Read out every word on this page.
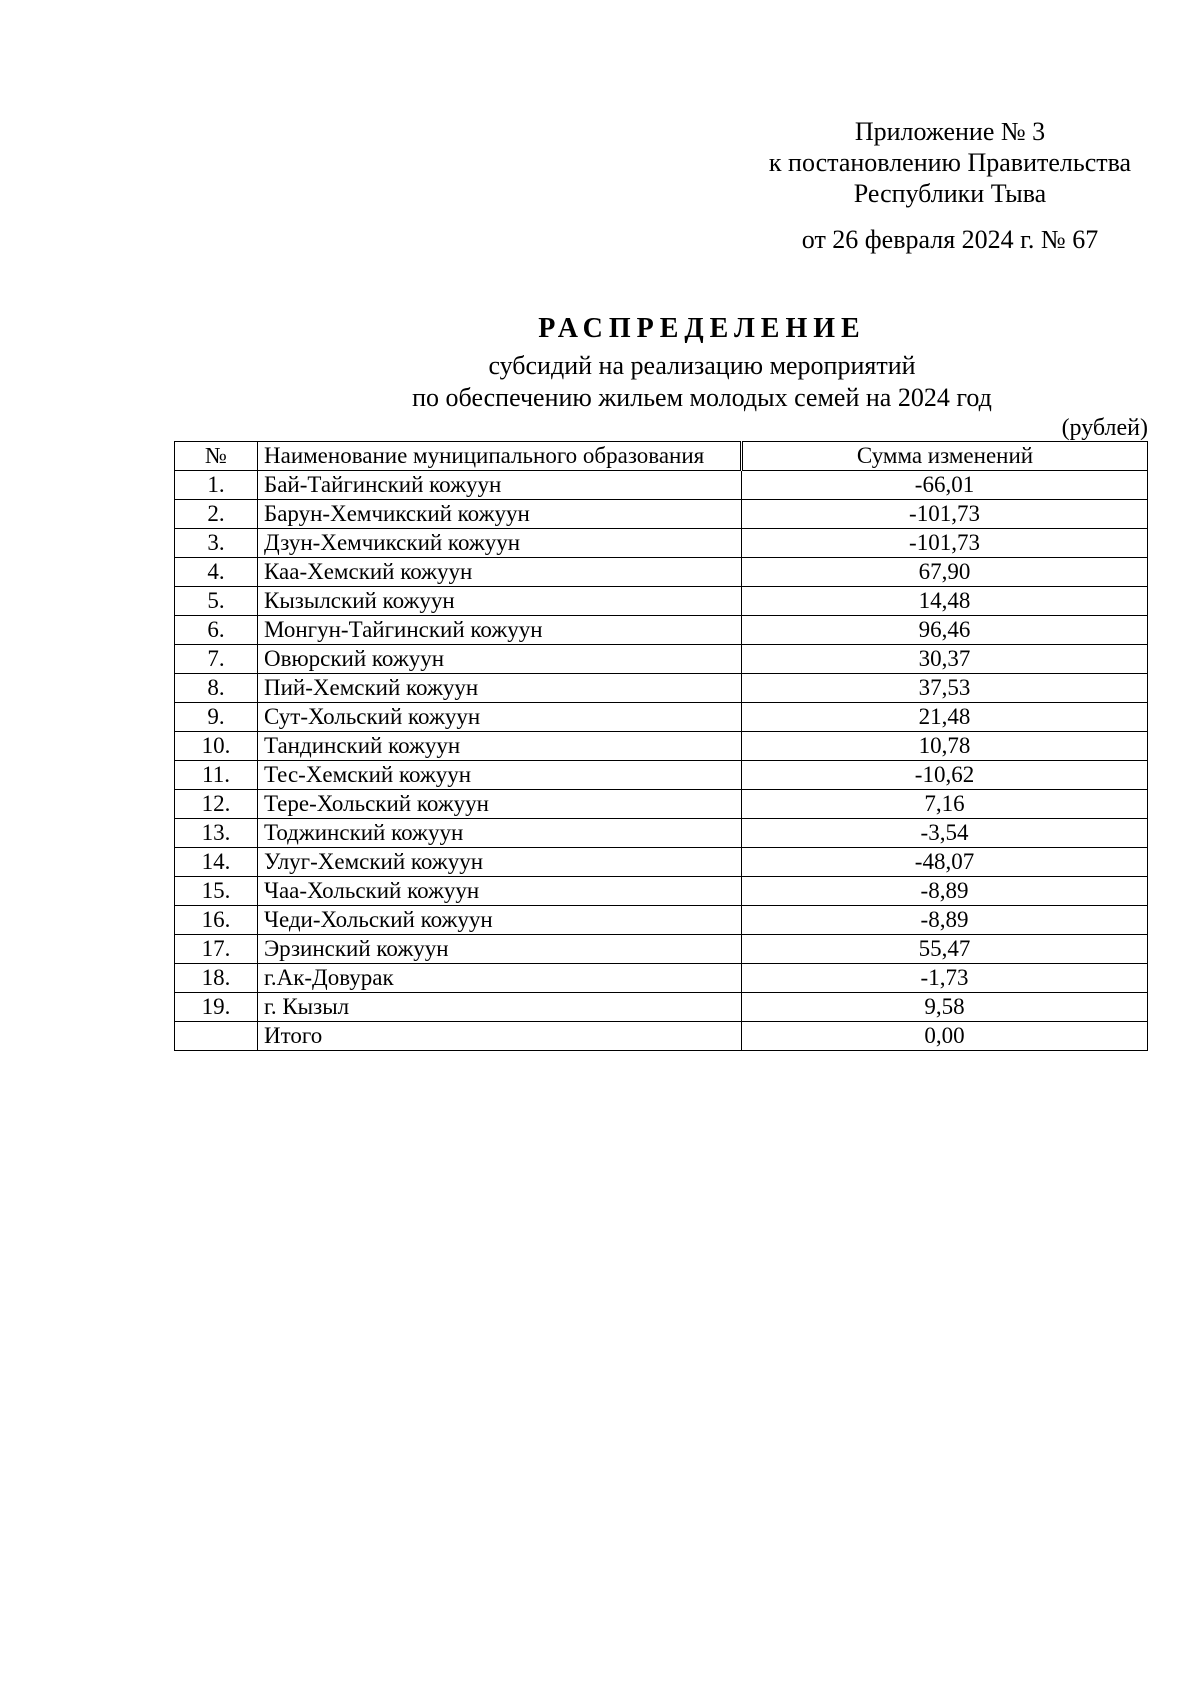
Приложение № 3
к постановлению Правительства
Республики Тыва
от 26 февраля 2024 г. № 67
РАСПРЕДЕЛЕНИЕ
субсидий на реализацию мероприятий
по обеспечению жильем молодых семей на 2024 год
(рублей)
№	Наименование муниципального образования	Сумма изменений
1.	Бай-Тайгинский кожуун	-66,01
2.	Барун-Хемчикский кожуун	-101,73
3.	Дзун-Хемчикский кожуун	-101,73
4.	Каа-Хемский кожуун	67,90
5.	Кызылский кожуун	14,48
6.	Монгун-Тайгинский кожуун	96,46
7.	Овюрский кожуун	30,37
8.	Пий-Хемский кожуун	37,53
9.	Сут-Хольский кожуун	21,48
10.	Тандинский кожуун	10,78
11.	Тес-Хемский кожуун	-10,62
12.	Тере-Хольский кожуун	7,16
13.	Тоджинский кожуун	-3,54
14.	Улуг-Хемский кожуун	-48,07
15.	Чаа-Хольский кожуун	-8,89
16.	Чеди-Хольский кожуун	-8,89
17.	Эрзинский кожуун	55,47
18.	г.Ак-Довурак	-1,73
19.	г. Кызыл	9,58
	Итого	0,00
